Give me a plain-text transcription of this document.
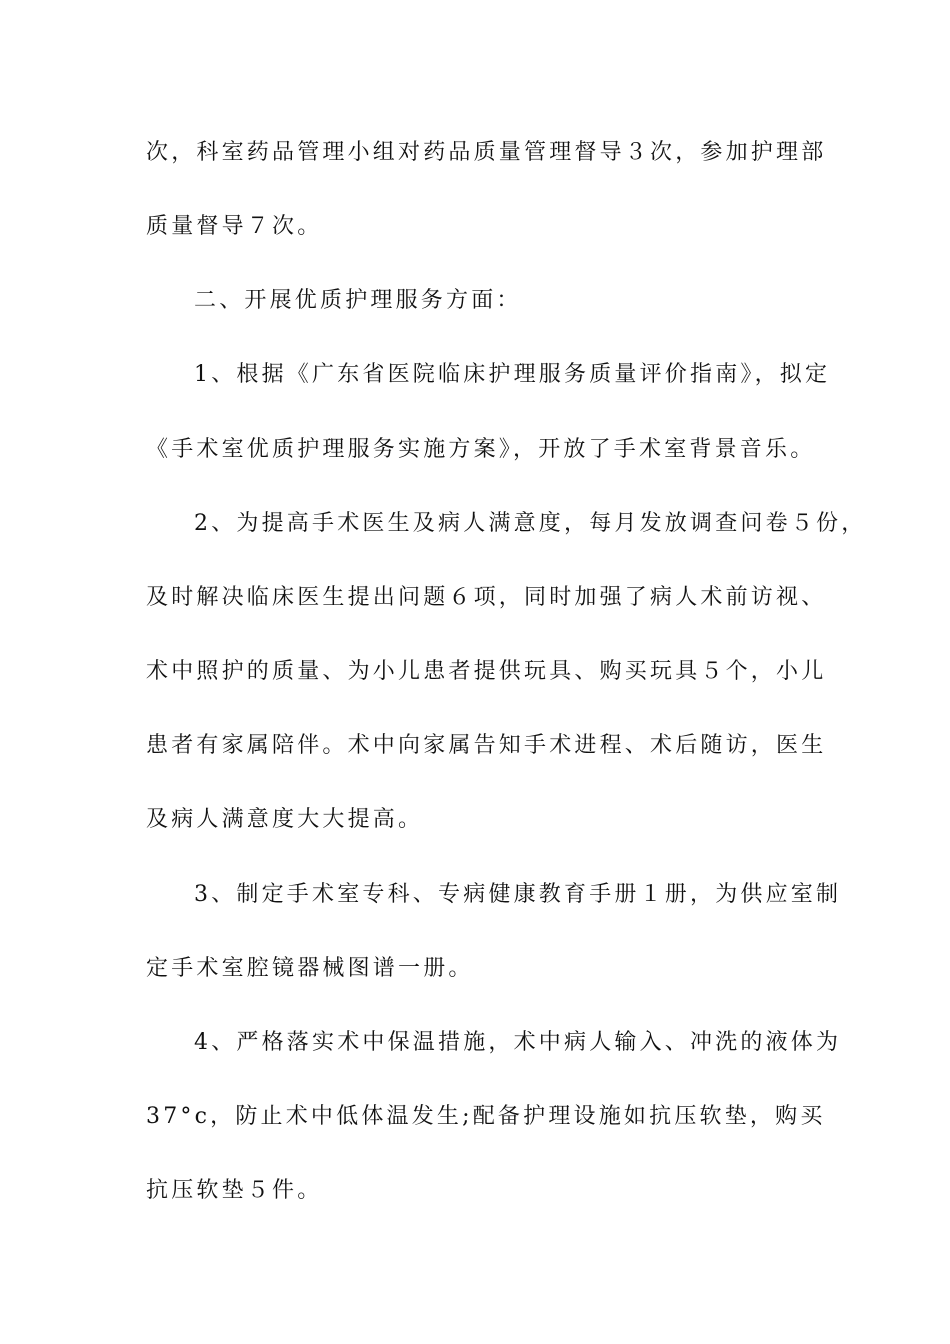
次，科室药品管理小组对药品质量管理督导３次，参加护理部
质量督导７次。
二、开展优质护理服务方面：
1、根据《广东省医院临床护理服务质量评价指南》，拟定
《手术室优质护理服务实施方案》，开放了手术室背景音乐。
2、为提高手术医生及病人满意度，每月发放调查问卷５份，
及时解决临床医生提出问题６项，同时加强了病人术前访视、
术中照护的质量、为小儿患者提供玩具、购买玩具５个，小儿
患者有家属陪伴。术中向家属告知手术进程、术后随访，医生
及病人满意度大大提高。
3、制定手术室专科、专病健康教育手册１册，为供应室制
定手术室腔镜器械图谱一册。
4、严格落实术中保温措施，术中病人输入、冲洗的液体为
37°c，防止术中低体温发生;配备护理设施如抗压软垫，购买
抗压软垫５件。
